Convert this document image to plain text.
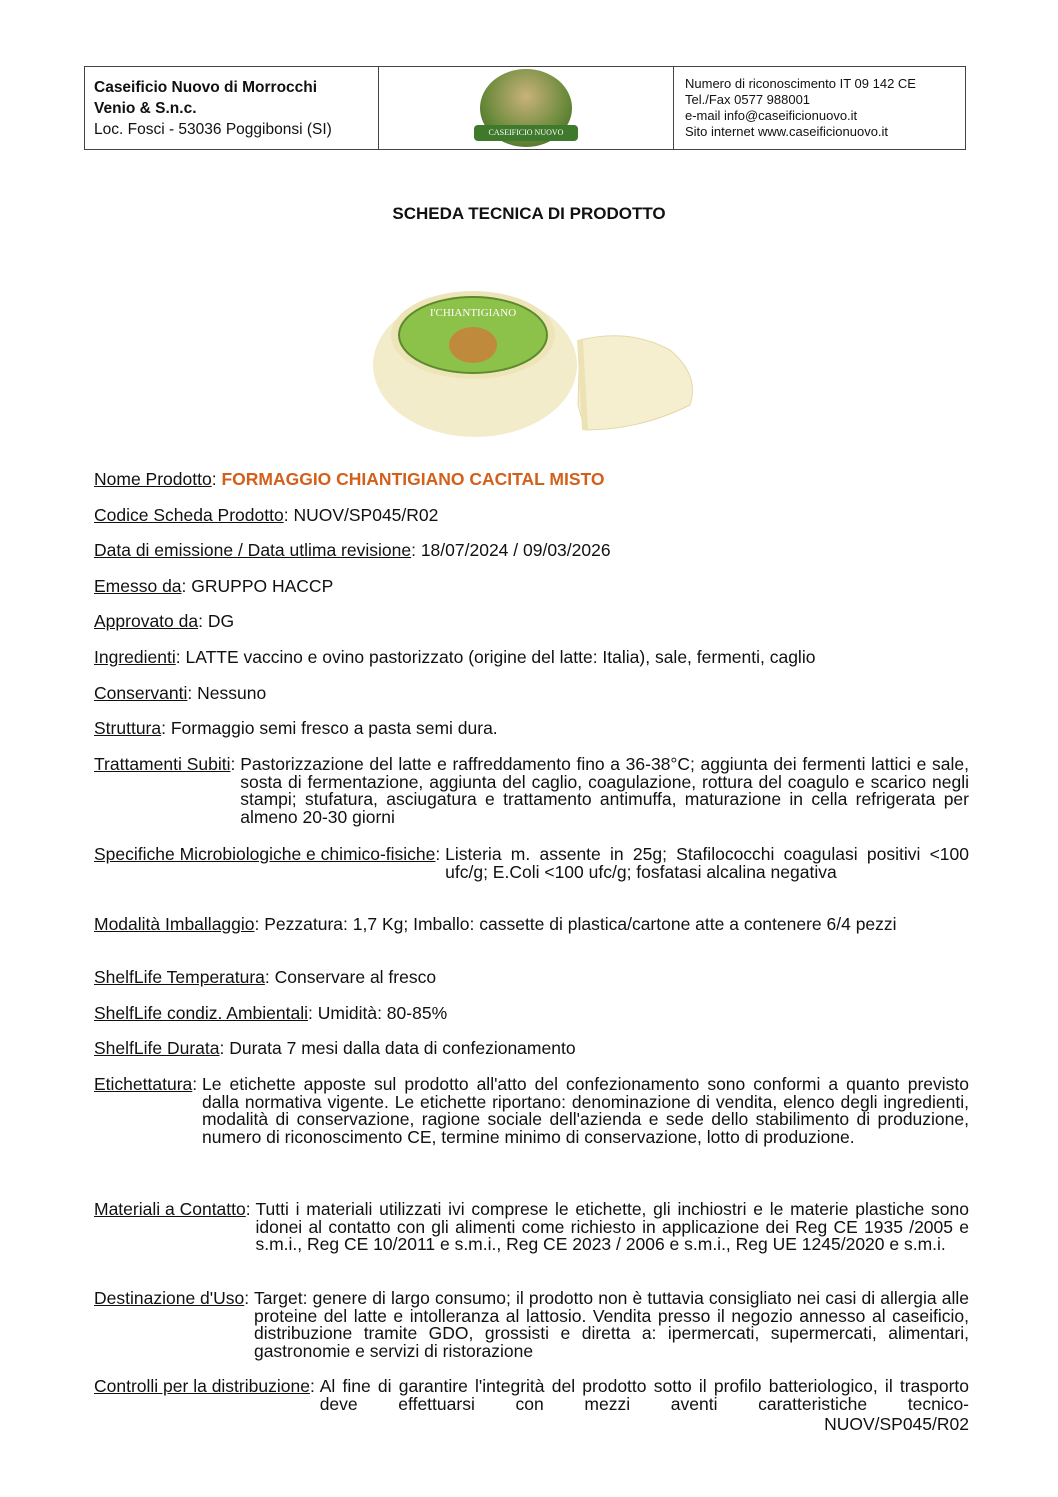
Caseificio Nuovo di Morrocchi
Venio & S.n.c.
Loc. Fosci - 53036 Poggibonsi (SI)	CASEIFICIO NUOVO
Numero di riconoscimento IT 09 142 CE
Tel./Fax 0577 988001
e-mail info@caseificionuovo.it
Sito internet www.caseificionuovo.it
SCHEDA TECNICA DI PRODOTTO
I'CHIANTIGIANO
Nome Prodotto: FORMAGGIO CHIANTIGIANO CACITAL MISTO
Codice Scheda Prodotto: NUOV/SP045/R02
Data di emissione / Data utlima revisione: 18/07/2024 / 09/03/2026
Emesso da: GRUPPO HACCP
Approvato da: DG
Ingredienti: LATTE vaccino e ovino pastorizzato (origine del latte: Italia), sale, fermenti, caglio
Conservanti: Nessuno
Struttura: Formaggio semi fresco a pasta semi dura.
Trattamenti Subiti: Pastorizzazione del latte e raffreddamento fino a 36-38°C; aggiunta dei fermenti lattici e sale, sosta di fermentazione, aggiunta del caglio, coagulazione, rottura del coagulo e scarico negli stampi; stufatura, asciugatura e trattamento antimuffa, maturazione in cella refrigerata per almeno 20-30 giorni
Specifiche Microbiologiche e chimico-fisiche: Listeria m. assente in 25g; Stafilococchi coagulasi positivi <100 ufc/g; E.Coli <100 ufc/g; fosfatasi alcalina negativa
Modalità Imballaggio: Pezzatura: 1,7 Kg; Imballo: cassette di plastica/cartone atte a contenere 6/4 pezzi
ShelfLife Temperatura: Conservare al fresco
ShelfLife condiz. Ambientali: Umidità: 80-85%
ShelfLife Durata: Durata 7 mesi dalla data di confezionamento
Etichettatura: Le etichette apposte sul prodotto all'atto del confezionamento sono conformi a quanto previsto dalla normativa vigente. Le etichette riportano: denominazione di vendita, elenco degli ingredienti, modalità di conservazione, ragione sociale dell'azienda e sede dello stabilimento di produzione, numero di riconoscimento CE, termine minimo di conservazione, lotto di produzione.
Materiali a Contatto: Tutti i materiali utilizzati ivi comprese le etichette, gli inchiostri e le materie plastiche sono idonei al contatto con gli alimenti come richiesto in applicazione dei Reg CE 1935 /2005 e s.m.i., Reg CE 10/2011 e s.m.i., Reg CE 2023 / 2006 e s.m.i., Reg UE 1245/2020 e s.m.i.
Destinazione d'Uso: Target: genere di largo consumo; il prodotto non è tuttavia consigliato nei casi di allergia alle proteine del latte e intolleranza al lattosio. Vendita presso il negozio annesso al caseificio, distribuzione tramite GDO, grossisti e diretta a: ipermercati, supermercati, alimentari, gastronomie e servizi di ristorazione
Controlli per la distribuzione: Al fine di garantire l'integrità del prodotto sotto il profilo batteriologico, il trasporto deve effettuarsi con mezzi aventi caratteristiche tecnico-
NUOV/SP045/R02
